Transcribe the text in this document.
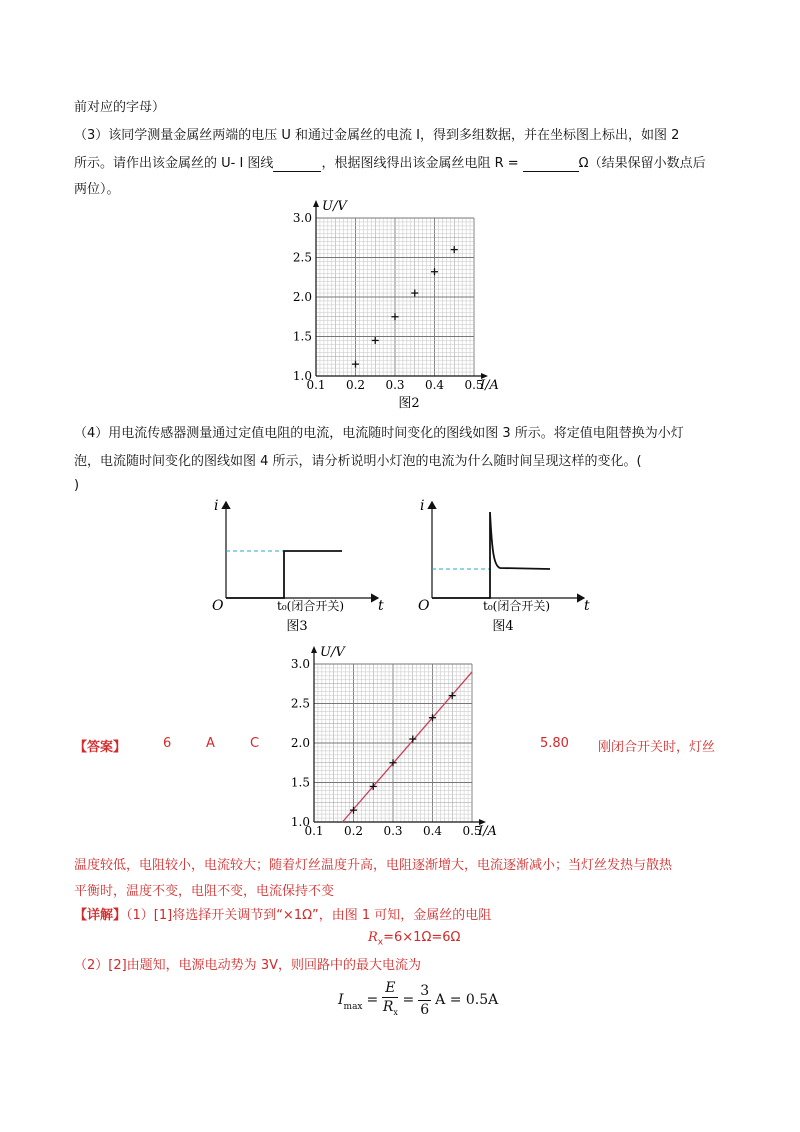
前对应的字母）
（3）该同学测量金属丝两端的电压 U 和通过金属丝的电流 I，得到多组数据，并在坐标图上标出，如图 2
所示。请作出该金属丝的 U- I 图线	，根据图线得出该金属丝电阻 R =	Ω（结果保留小数点后
两位）。
3.0
2.5
2.0
1.5
1.0
0.1 0.2 0.3 0.4 0.5
U/V
I/A
图2
（4）用电流传感器测量通过定值电阻的电流，电流随时间变化的图线如图 3 所示。将定值电阻替换为小灯
泡，电流随时间变化的图线如图 4 所示，请分析说明小灯泡的电流为什么随时间呈现这样的变化。(
)
i
t
O	t₀(闭合开关)
图3
i
t
O	t₀(闭合开关)
图4
3.0
2.5
2.0
1.5
1.0
0.1 0.2 0.3 0.4 0.5
U/V
I/A
【答案】	6	A	C	5.80 刚闭合开关时，灯丝
温度较低，电阻较小，电流较大；随着灯丝温度升高，电阻逐渐增大，电流逐渐减小；当灯丝发热与散热
平衡时，温度不变，电阻不变，电流保持不变
【详解】（1）[1]将选择开关调节到“×1Ω”，由图 1 可知，金属丝的电阻
$R_x=6\times 1\Omega=6\Omega$
（2）[2]由题知，电源电动势为 3V，则回路中的最大电流为
$I_{max} = \frac{E}{R_x} = \frac{3}{6}$ A = 0.5A
